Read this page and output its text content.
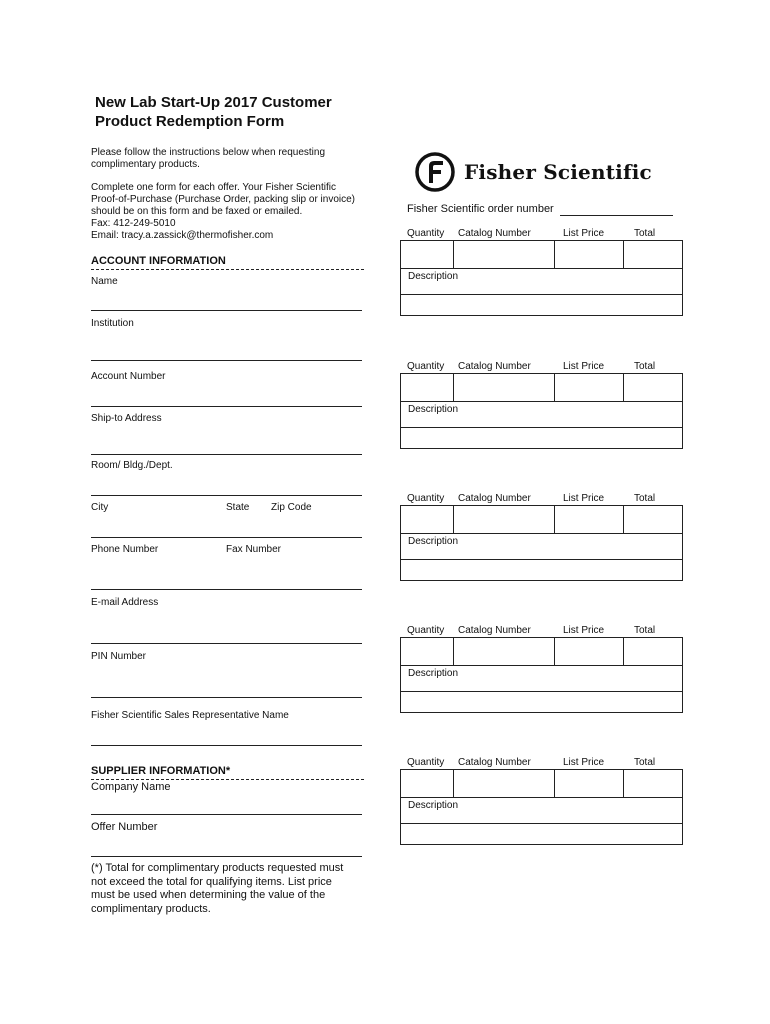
New Lab Start-Up 2017 Customer
Product Redemption Form
Please follow the instructions below when requesting
complimentary products.
Complete one form for each offer. Your Fisher Scientific
Proof-of-Purchase (Purchase Order, packing slip or invoice)
should be on this form and be faxed or emailed.
Fax: 412-249-5010
Email: tracy.a.zassick@thermofisher.com
Fisher Scientific
Fisher Scientific order number
ACCOUNT INFORMATION
Name
Institution
Account Number
Ship-to Address
Room/ Bldg./Dept.
City	State Zip Code
Phone Number	Fax Number
E-mail Address
PIN Number
Fisher Scientific Sales Representative Name
SUPPLIER INFORMATION*
Company Name
Offer Number
(*) Total for complimentary products requested must
not exceed the total for qualifying items. List price
must be used when determining the value of the
complimentary products.
Quantity Catalog Number	List Price	Total
Description
Quantity Catalog Number	List Price	Total
Description
Quantity Catalog Number	List Price	Total
Description
Quantity Catalog Number	List Price	Total
Description
Quantity Catalog Number	List Price	Total
Description
